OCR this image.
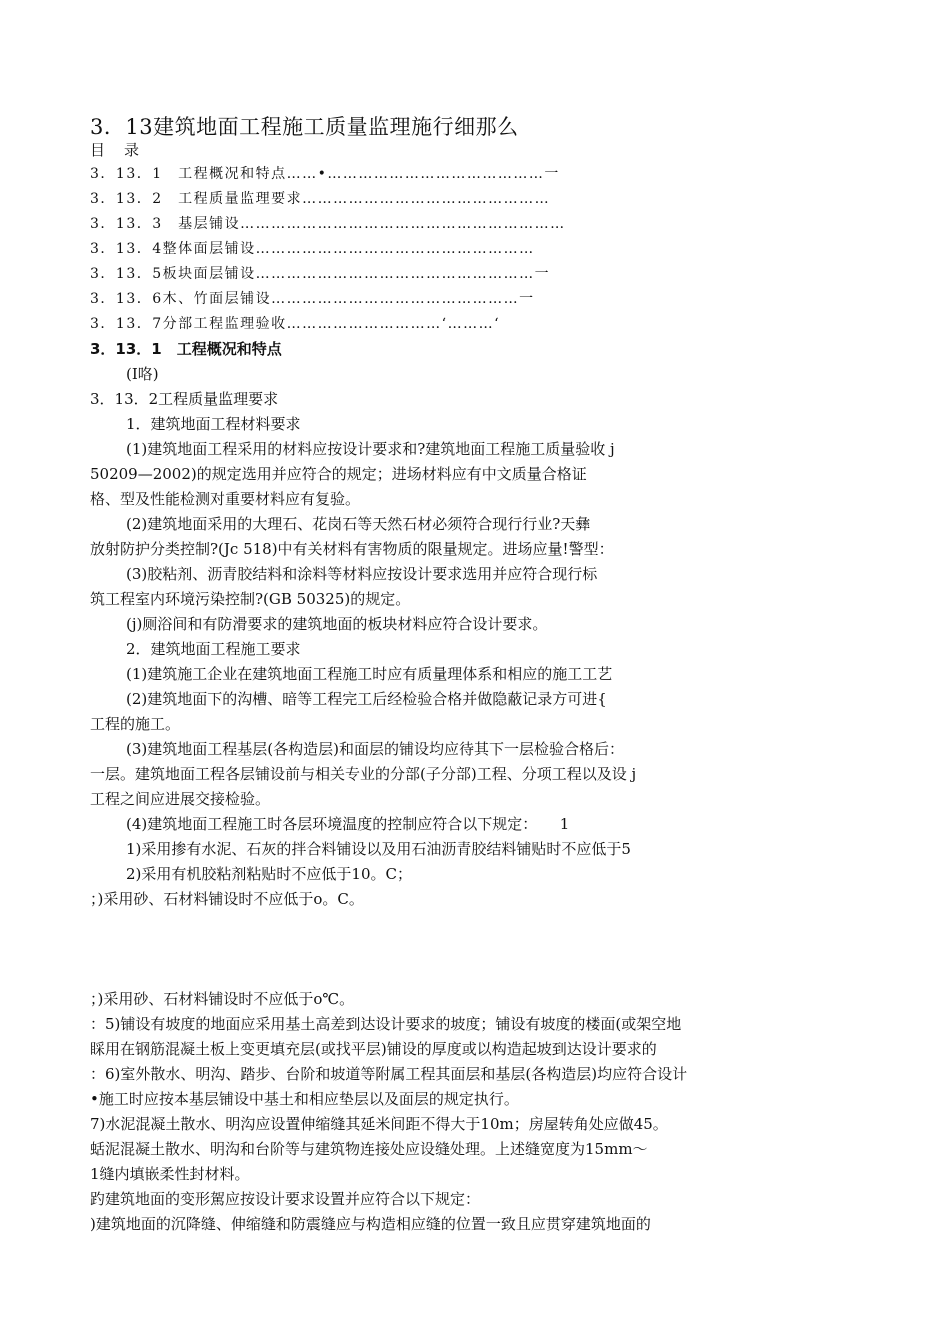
3．13建筑地面工程施工质量监理施行细那么
目　录
3．13．1　工程概况和特点……•……………………………………一
3．13．2　工程质量监理要求…………………………………………
3．13．3　基层铺设………………………………………………………
3．13．4整体面层铺设………………………………………………
3．13．5板块面层铺设………………………………………………一
3．13．6木、竹面层铺设…………………………………………一
3．13．7分部工程监理验收…………………………‘………‘
3．13．1　工程概况和特点
(I咯)
3．13．2工程质量监理要求
1．建筑地面工程材料要求
(1)建筑地面工程采用的材料应按设计要求和?建筑地面工程施工质量验收 j
50209—2002)的规定选用并应符合的规定；进场材料应有中文质量合格证
格、型及性能检测对重要材料应有复验。
(2)建筑地面采用的大理石、花岗石等天然石材必须符合现行行业?天彝
放射防护分类控制?(Jc 518)中有关材料有害物质的限量规定。进场应量!警型：
(3)胶粘剂、沥青胶结料和涂料等材料应按设计要求选用并应符合现行标
筑工程室内环境污染控制?(GB 50325)的规定。
(j)厕浴间和有防滑要求的建筑地面的板块材料应符合设计要求。
2．建筑地面工程施工要求
(1)建筑施工企业在建筑地面工程施工时应有质量理体系和相应的施工工艺
(2)建筑地面下的沟槽、暗等工程完工后经检验合格并做隐蔽记录方可进{
工程的施工。
(3)建筑地面工程基层(各构造层)和面层的铺设均应待其下一层检验合格后：
一层。建筑地面工程各层铺设前与相关专业的分部(子分部)工程、分项工程以及设 j
工程之间应进展交接检验。
(4)建筑地面工程施工时各层环境温度的控制应符合以下规定：　　1
1)采用掺有水泥、石灰的拌合料铺设以及用石油沥青胶结料铺贴时不应低于5
2)采用有机胶粘剂粘贴时不应低于10。C；
；)采用砂、石材料铺设时不应低于o。C。
；)采用砂、石材料铺设时不应低于o℃。
：5)铺设有坡度的地面应采用基土高差到达设计要求的坡度；铺设有坡度的楼面(或架空地
睬用在钢筋混凝土板上变更填充层(或找平层)铺设的厚度或以构造起坡到达设计要求的
：6)室外散水、明沟、踏步、台阶和坡道等附属工程其面层和基层(各构造层)均应符合设计
•施工时应按本基层铺设中基土和相应垫层以及面层的规定执行。
7)水泥混凝土散水、明沟应设置伸缩缝其延米间距不得大于10m；房屋转角处应做45。
蛞泥混凝土散水、明沟和台阶等与建筑物连接处应设缝处理。上述缝宽度为15mm～
1缝内填嵌柔性封材料。
趵建筑地面的变形駕应按设计要求设置并应符合以下规定：
)建筑地面的沉降缝、伸缩缝和防震缝应与构造相应缝的位置一致且应贯穿建筑地面的
